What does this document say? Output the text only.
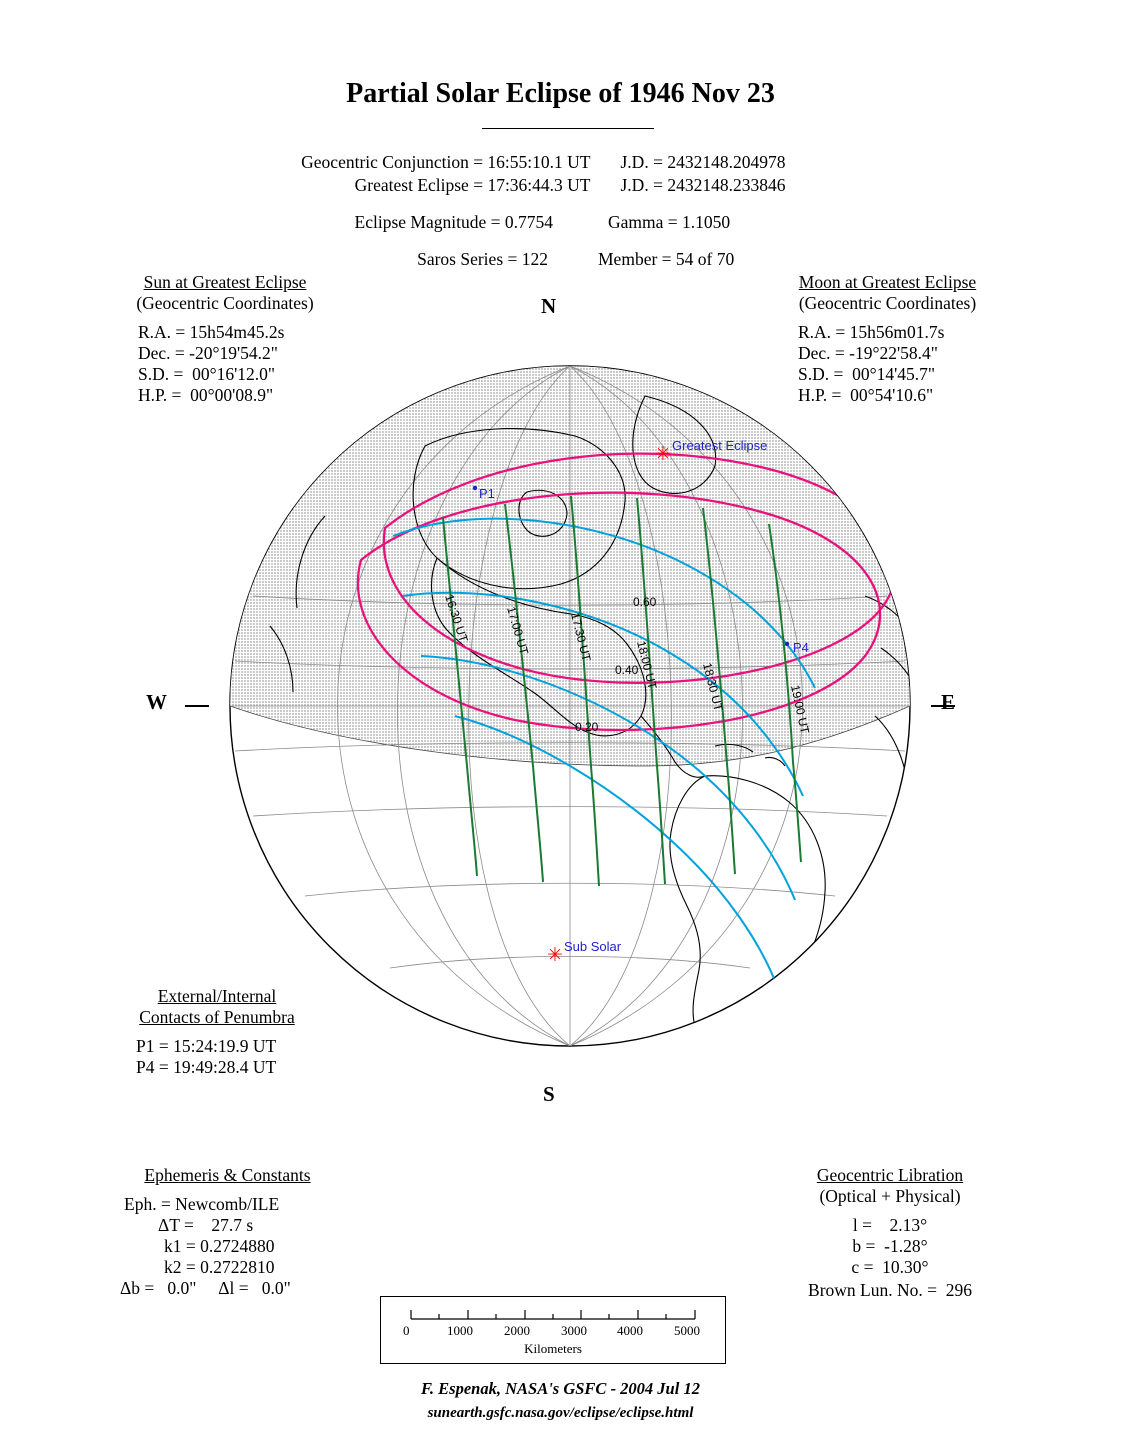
Partial Solar Eclipse of 1946 Nov 23
Geocentric Conjunction = 16:55:10.1 UT J.D. = 2432148.204978
Greatest Eclipse = 17:36:44.3 UT J.D. = 2432148.233846
Eclipse Magnitude = 0.7754	Gamma = 1.1050
Saros Series = 122	Member = 54 of 70
Sun at Greatest Eclipse
(Geocentric Coordinates)
R.A. = 15h54m45.2s
Dec. = -20°19'54.2"
S.D. =  00°16'12.0"
H.P. =  00°00'08.9"
Moon at Greatest Eclipse
(Geocentric Coordinates)
R.A. = 15h56m01.7s
Dec. = -19°22'58.4"
S.D. =  00°14'45.7"
H.P. =  00°54'10.6"
External/Internal
Contacts of Penumbra
P1 = 15:24:19.9 UT
P4 = 19:49:28.4 UT
Ephemeris & Constants
Eph. = Newcomb/ILE
ΔT =    27.7 s
k1 = 0.2724880
k2 = 0.2722810
Δb =   0.0"     Δl =   0.0"
Geocentric Libration
(Optical + Physical)
l =    2.13°
b =  -1.28°
c =  10.30°
Brown Lun. No. =  296
16:30 UT	17:00 UT	17:30 UT
18:00 UT	18:30 UT	19:00 UT
0.60
0.40
0.20
✳ Greatest Eclipse
P1
P4
✳ Sub Solar
N
S
W	E
0	1000 2000 3000 4000 5000
Kilometers
F. Espenak, NASA's GSFC - 2004 Jul 12
sunearth.gsfc.nasa.gov/eclipse/eclipse.html
